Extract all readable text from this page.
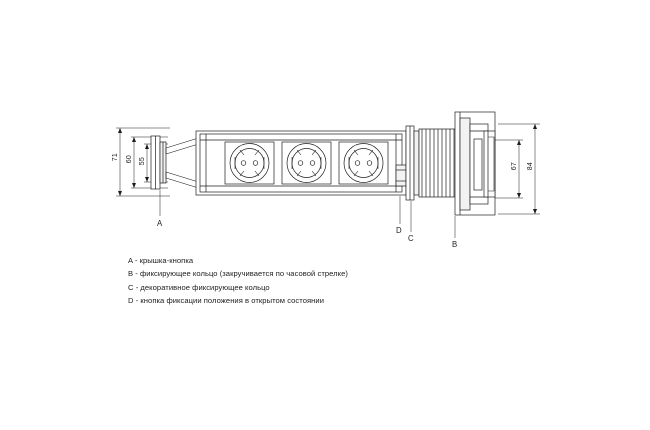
71 60 55
67 84
A
B
C
D
A - крышка-кнопка
B - фиксирующее кольцо (закручивается по часовой стрелке)
C - декоративное фиксирующее кольцо
D - кнопка фиксации положения в открытом состоянии
